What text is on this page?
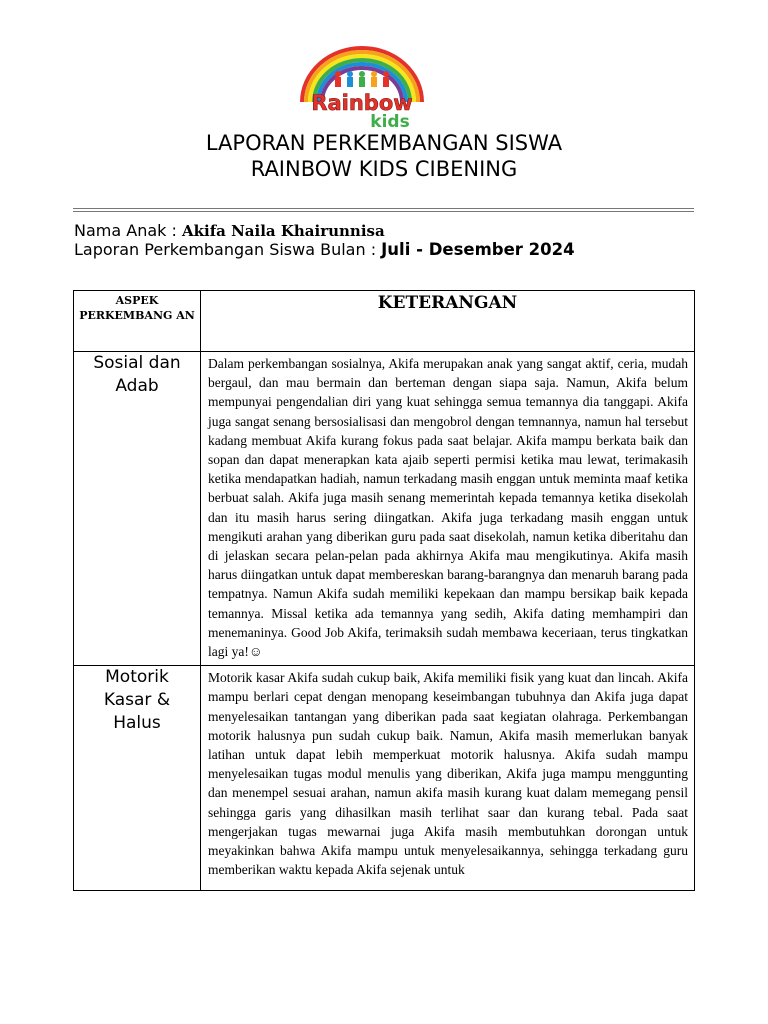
Rainbow
kids
LAPORAN PERKEMBANGAN SISWA
RAINBOW KIDS CIBENING
Nama Anak : Akifa Naila Khairunnisa
Laporan Perkembangan Siswa Bulan : Juli - Desember 2024
ASPEK PERKEMBANG AN	KETERANGAN
Sosial dan Adab	Dalam perkembangan sosialnya, Akifa merupakan anak yang sangat aktif, ceria, mudah bergaul, dan mau bermain dan berteman dengan siapa saja. Namun, Akifa belum mempunyai pengendalian diri yang kuat sehingga semua temannya dia tanggapi. Akifa juga sangat senang bersosialisasi dan mengobrol dengan temnannya, namun hal tersebut kadang membuat Akifa kurang fokus pada saat belajar. Akifa mampu berkata baik dan sopan dan dapat menerapkan kata ajaib seperti permisi ketika mau lewat, terimakasih ketika mendapatkan hadiah, namun terkadang masih enggan untuk meminta maaf ketika berbuat salah. Akifa juga masih senang memerintah kepada temannya ketika disekolah dan itu masih harus sering diingatkan. Akifa juga terkadang masih enggan untuk mengikuti arahan yang diberikan guru pada saat disekolah, namun ketika diberitahu dan di jelaskan secara pelan-pelan pada akhirnya Akifa mau mengikutinya. Akifa masih harus diingatkan untuk dapat membereskan barang-barangnya dan menaruh barang pada tempatnya. Namun Akifa sudah memiliki kepekaan dan mampu bersikap baik kepada temannya. Missal ketika ada temannya yang sedih, Akifa dating memhampiri dan menemaninya. Good Job Akifa, terimaksih sudah membawa keceriaan, terus tingkatkan lagi ya!☺
Motorik Kasar & Halus	Motorik kasar Akifa sudah cukup baik, Akifa memiliki fisik yang kuat dan lincah. Akifa mampu berlari cepat dengan menopang keseimbangan tubuhnya dan Akifa juga dapat menyelesaikan tantangan yang diberikan pada saat kegiatan olahraga. Perkembangan motorik halusnya pun sudah cukup baik. Namun, Akifa masih memerlukan banyak latihan untuk dapat lebih memperkuat motorik halusnya. Akifa sudah mampu menyelesaikan tugas modul menulis yang diberikan, Akifa juga mampu menggunting dan menempel sesuai arahan, namun akifa masih kurang kuat dalam memegang pensil sehingga garis yang dihasilkan masih terlihat saar dan kurang tebal. Pada saat mengerjakan tugas mewarnai juga Akifa masih membutuhkan dorongan untuk meyakinkan bahwa Akifa mampu untuk menyelesaikannya, sehingga terkadang guru memberikan waktu kepada Akifa sejenak untuk
